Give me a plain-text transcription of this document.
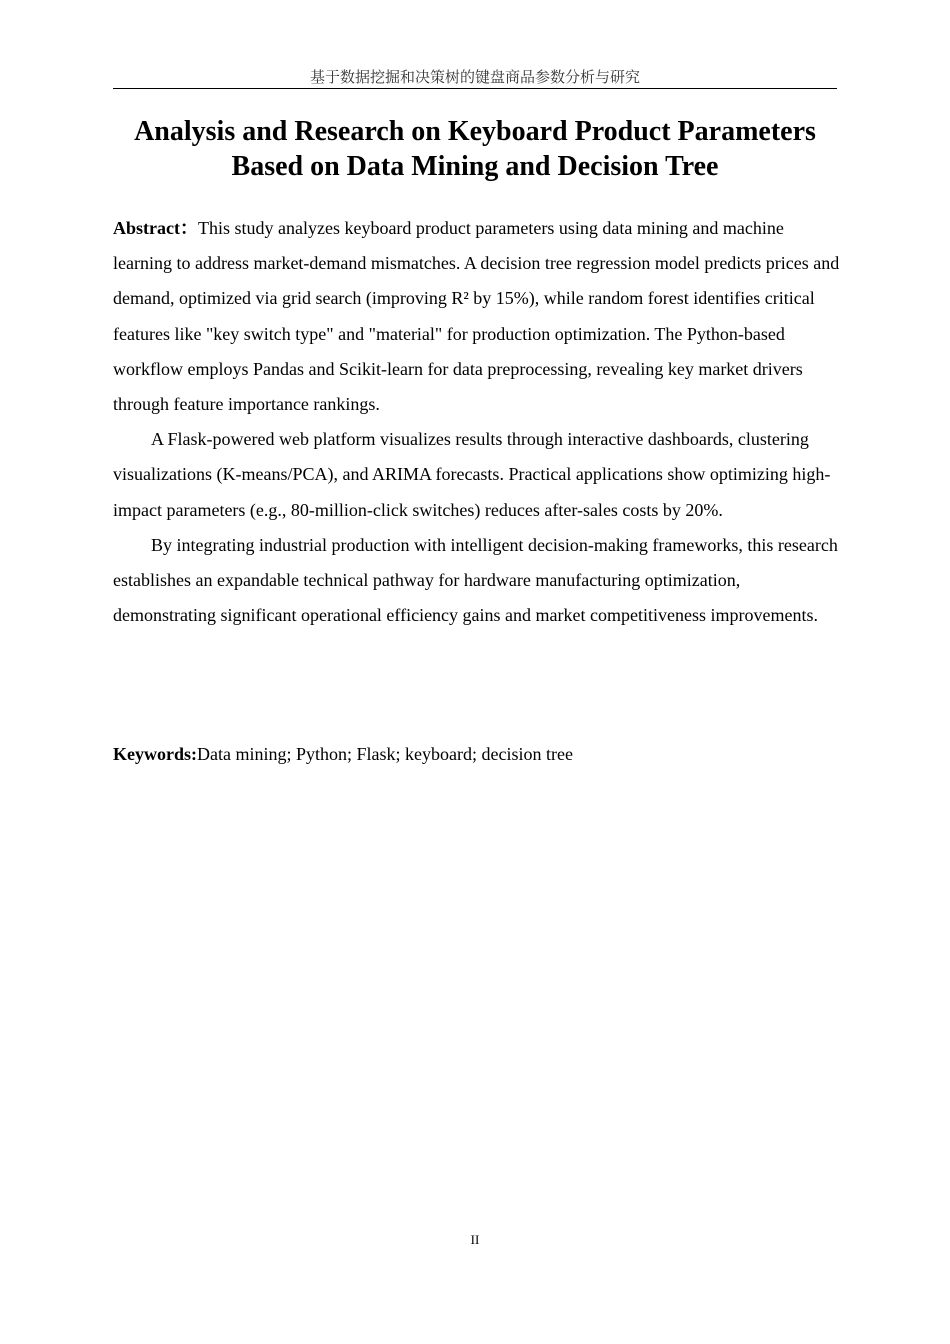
基于数据挖掘和决策树的键盘商品参数分析与研究
Analysis and Research on Keyboard Product Parameters
Based on Data Mining and Decision Tree

Abstract：This study analyzes keyboard product parameters using data mining and machine learning to address market-demand mismatches. A decision tree regression model predicts prices and demand, optimized via grid search (improving R² by 15%), while random forest identifies critical features like "key switch type" and "material" for production optimization. The Python-based workflow employs Pandas and Scikit-learn for data preprocessing, revealing key market drivers through feature importance rankings.

A Flask-powered web platform visualizes results through interactive dashboards, clustering visualizations (K-means/PCA), and ARIMA forecasts. Practical applications show optimizing high-impact parameters (e.g., 80-million-click switches) reduces after-sales costs by 20%.

By integrating industrial production with intelligent decision-making frameworks, this research establishes an expandable technical pathway for hardware manufacturing optimization, demonstrating significant operational efficiency gains and market competitiveness improvements.

Keywords:Data mining; Python; Flask; keyboard; decision tree
II
